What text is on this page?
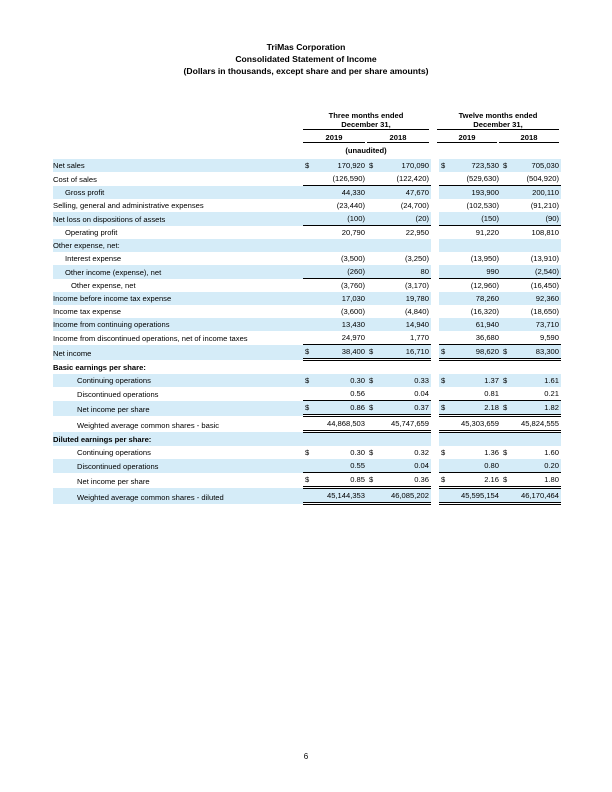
TriMas Corporation
Consolidated Statement of Income
(Dollars in thousands, except share and per share amounts)
Three months ended
December 31,
Twelve months ended
December 31,
2019	2018	2019	2018
(unaudited)
Net sales	$	170,920	$	170,090		$	723,530	$	705,030
Cost of sales		(126,590)		(122,420)			(529,630)		(504,920)
Gross profit		44,330		47,670			193,900		200,110
Selling, general and administrative expenses		(23,440)		(24,700)			(102,530)		(91,210)
Net loss on dispositions of assets		(100)		(20)			(150)		(90)
Operating profit		20,790		22,950			91,220		108,810
Other expense, net:									
Interest expense		(3,500)		(3,250)			(13,950)		(13,910)
Other income (expense), net		(260)		80			990		(2,540)
Other expense, net		(3,760)		(3,170)			(12,960)		(16,450)
Income before income tax expense		17,030		19,780			78,260		92,360
Income tax expense		(3,600)		(4,840)			(16,320)		(18,650)
Income from continuing operations		13,430		14,940			61,940		73,710
Income from discontinued operations, net of income taxes		24,970		1,770			36,680		9,590
Net income	$	38,400	$	16,710		$	98,620	$	83,300
Basic earnings per share:									
Continuing operations	$	0.30	$	0.33		$	1.37	$	1.61
Discontinued operations		0.56		0.04			0.81		0.21
Net income per share	$	0.86	$	0.37		$	2.18	$	1.82
Weighted average common shares - basic		44,868,503		45,747,659			45,303,659		45,824,555
Diluted earnings per share:									
Continuing operations	$	0.30	$	0.32		$	1.36	$	1.60
Discontinued operations		0.55		0.04			0.80		0.20
Net income per share	$	0.85	$	0.36		$	2.16	$	1.80
Weighted average common shares - diluted		45,144,353		46,085,202			45,595,154		46,170,464
6
